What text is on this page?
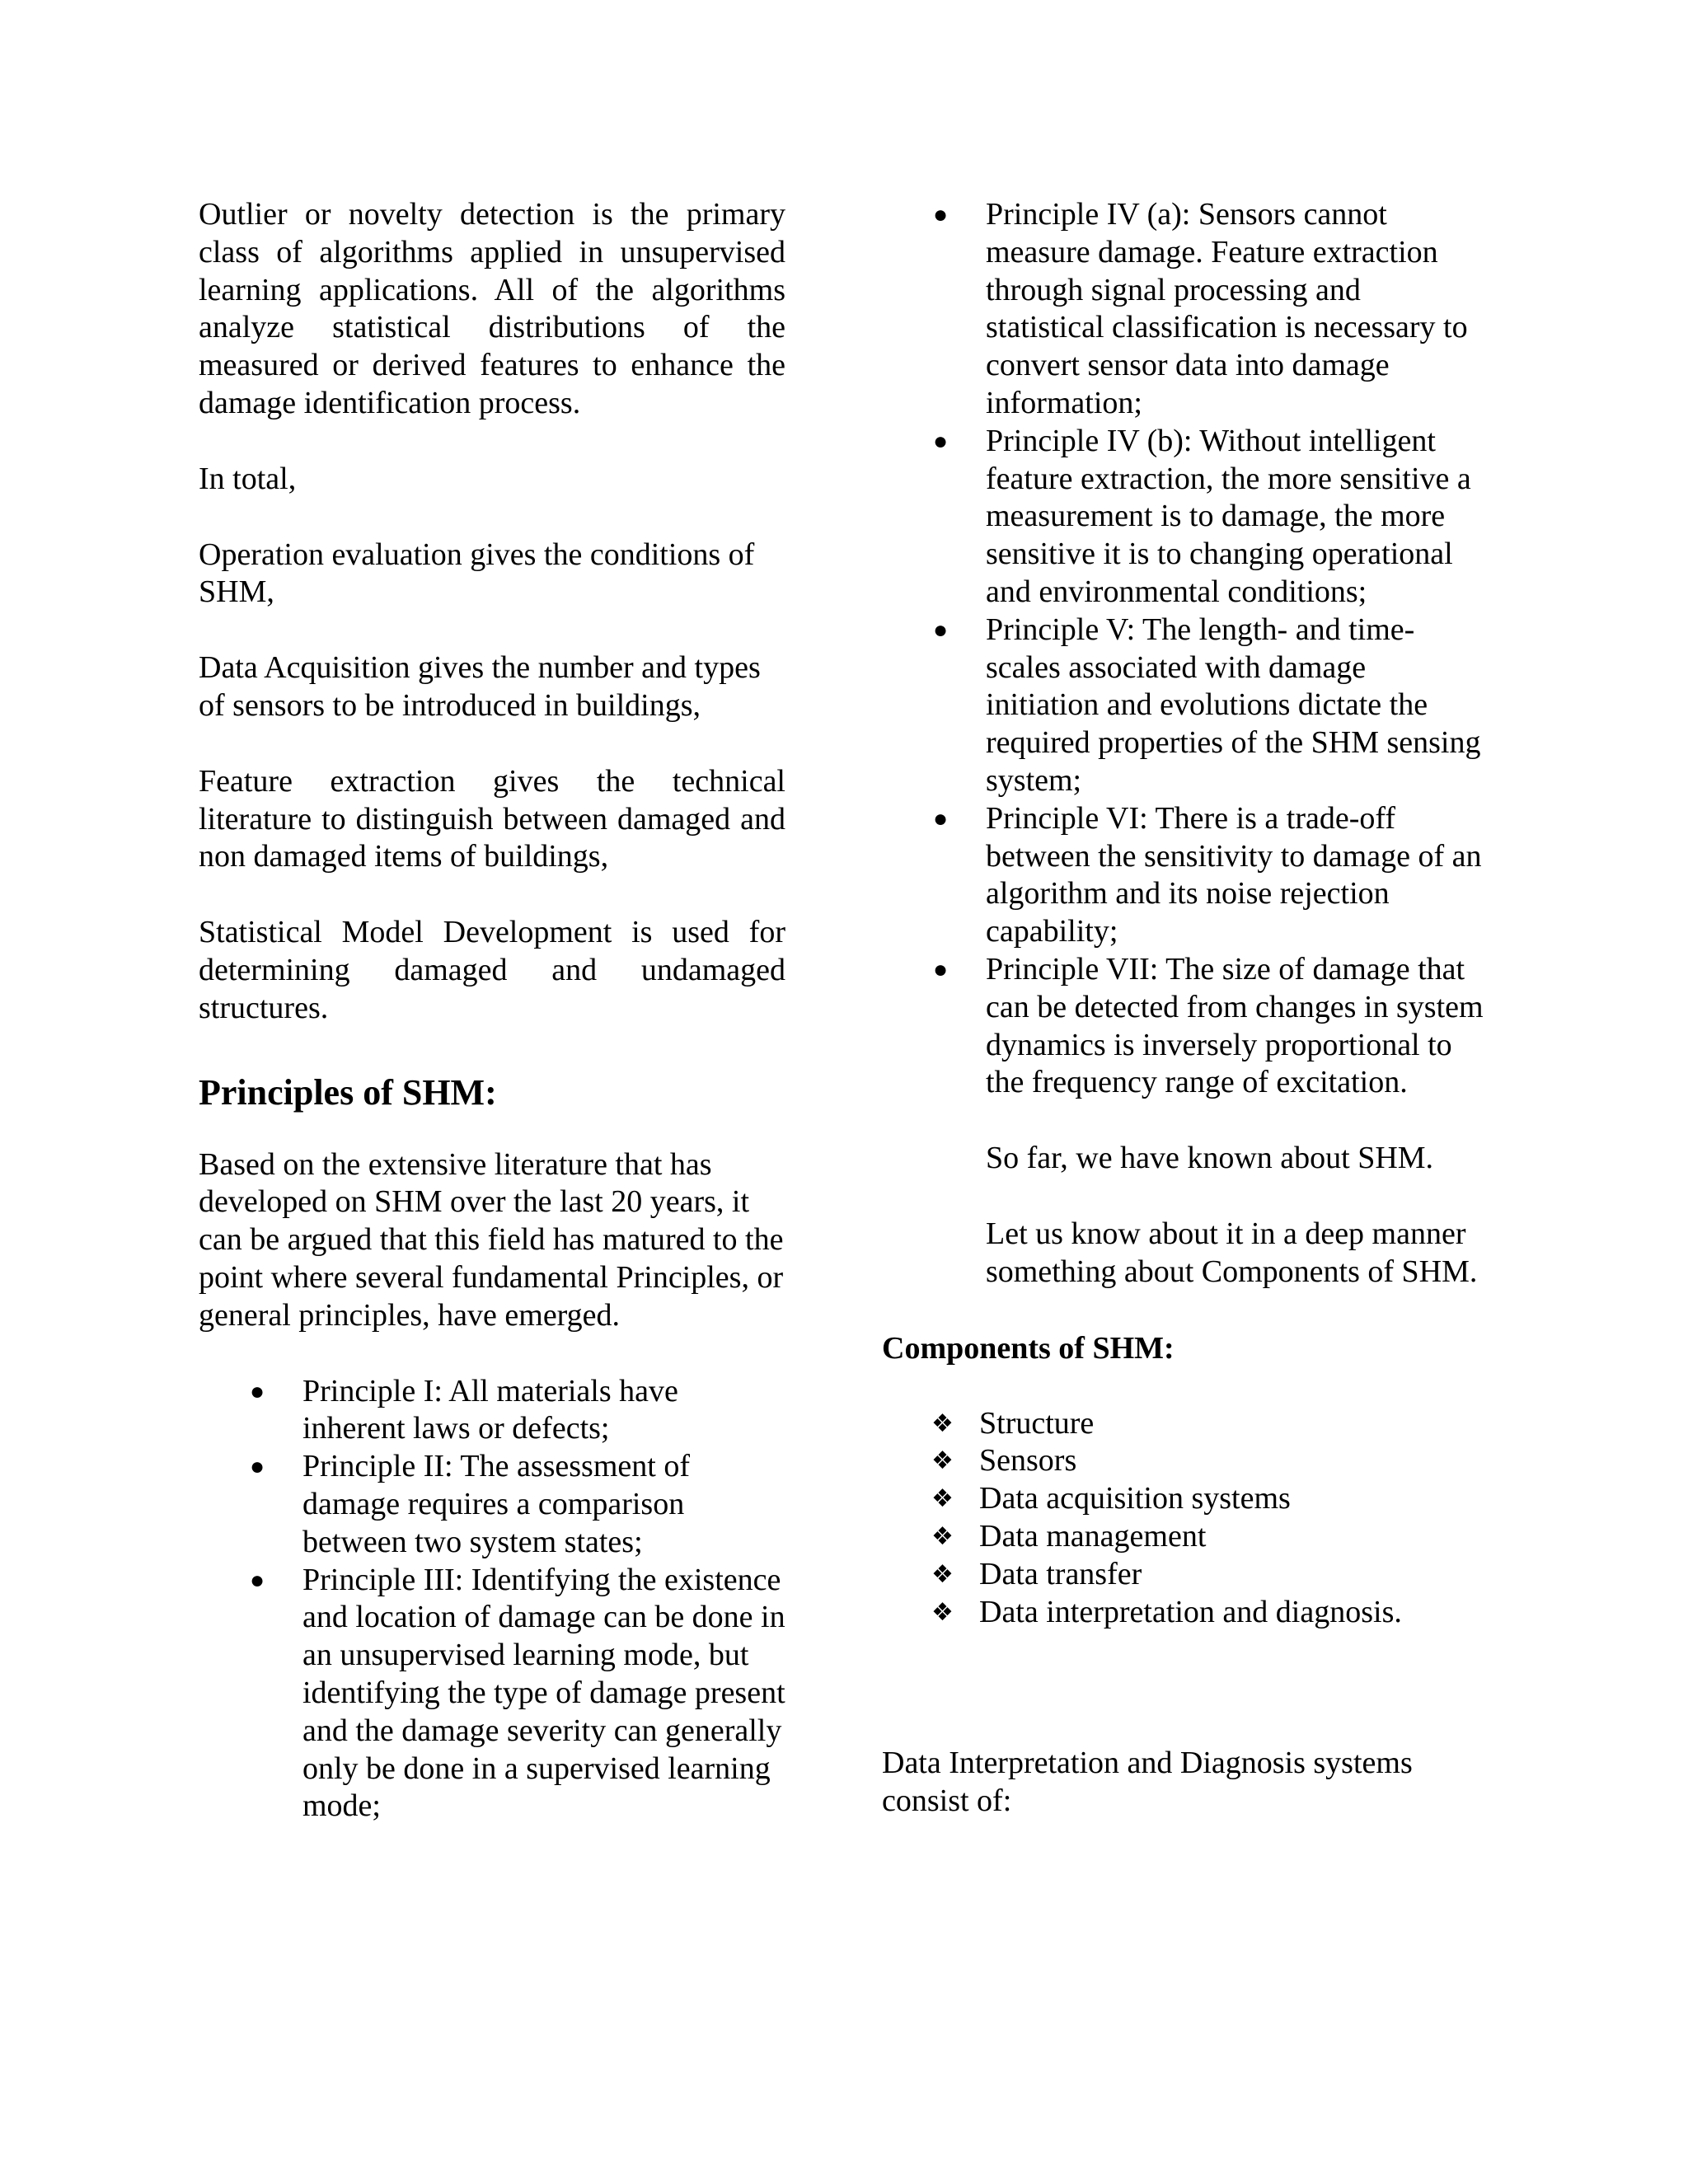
Outlier or novelty detection is the primary class of algorithms applied in unsupervised learning applications. All of the algorithms analyze statistical distributions of the measured or derived features to enhance the damage identification process.

In total,

Operation evaluation gives the conditions of SHM,

Data Acquisition gives the number and types of sensors to be introduced in buildings,

Feature extraction gives the technical literature to distinguish between damaged and non damaged items of buildings,

Statistical Model Development is used for determining damaged and undamaged structures.

Principles of SHM:

Based on the extensive literature that has developed on SHM over the last 20 years, it can be argued that this field has matured to the point where several fundamental Principles, or general principles, have emerged.

● Principle I: All materials have inherent laws or defects;
● Principle II: The assessment of damage requires a comparison between two system states;
● Principle III: Identifying the existence and location of damage can be done in an unsupervised learning mode, but identifying the type of damage present and the damage severity can generally only be done in a supervised learning mode;
● Principle IV (a): Sensors cannot measure damage. Feature extraction through signal processing and statistical classification is necessary to convert sensor data into damage information;
● Principle IV (b): Without intelligent feature extraction, the more sensitive a measurement is to damage, the more sensitive it is to changing operational and environmental conditions;
● Principle V: The length- and time-scales associated with damage initiation and evolutions dictate the required properties of the SHM sensing system;
● Principle VI: There is a trade-off between the sensitivity to damage of an algorithm and its noise rejection capability;
● Principle VII: The size of damage that can be detected from changes in system dynamics is inversely proportional to the frequency range of excitation.

So far, we have known about SHM.

Let us know about it in a deep manner something about Components of SHM.

Components of SHM:
❖ Structure
❖ Sensors
❖ Data acquisition systems
❖ Data management
❖ Data transfer
❖ Data interpretation and diagnosis.

Data Interpretation and Diagnosis systems consist of:
